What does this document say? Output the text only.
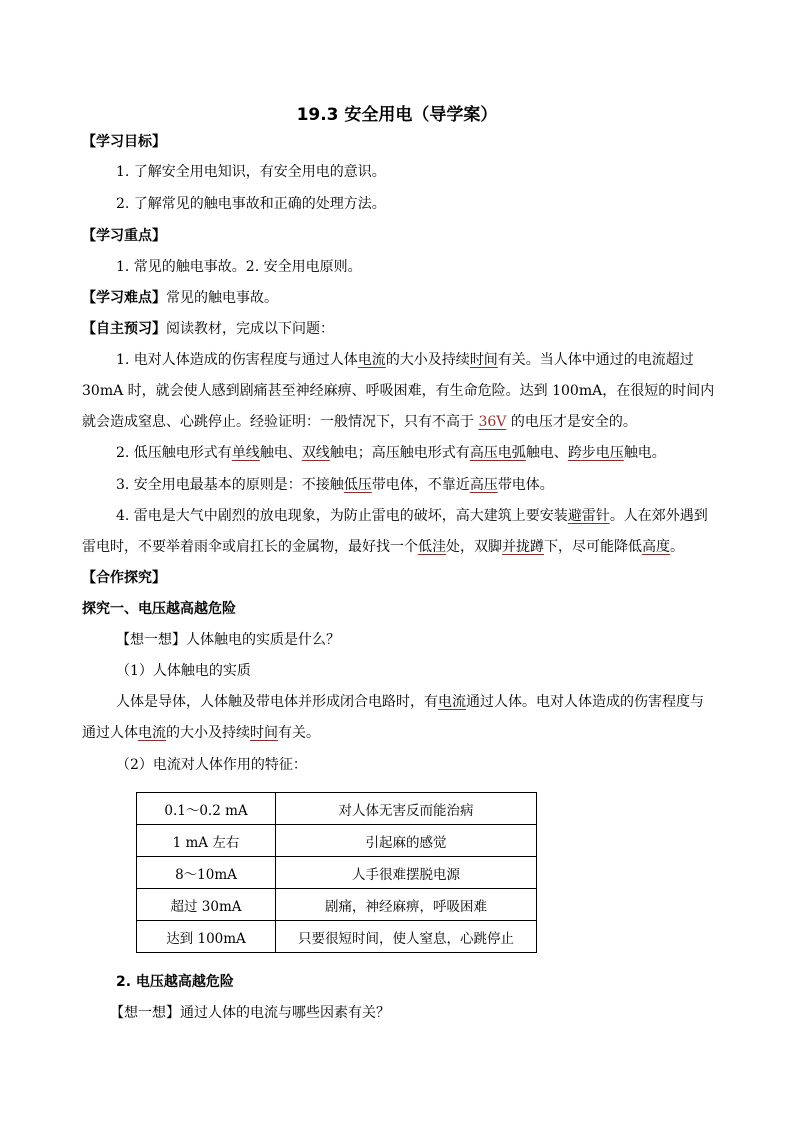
19.3 安全用电（导学案）
【学习目标】
1. 了解安全用电知识，有安全用电的意识。
2. 了解常见的触电事故和正确的处理方法。
【学习重点】
1. 常见的触电事故。2. 安全用电原则。
【学习难点】常见的触电事故。
【自主预习】阅读教材，完成以下问题：
1. 电对人体造成的伤害程度与通过人体电流的大小及持续时间有关。当人体中通过的电流超过
30mA 时，就会使人感到剧痛甚至神经麻痹、呼吸困难，有生命危险。达到 100mA，在很短的时间内
就会造成窒息、心跳停止。经验证明：一般情况下，只有不高于 36V 的电压才是安全的。
2. 低压触电形式有单线触电、双线触电；高压触电形式有高压电弧触电、跨步电压触电。
3. 安全用电最基本的原则是：不接触低压带电体，不靠近高压带电体。
4. 雷电是大气中剧烈的放电现象，为防止雷电的破坏，高大建筑上要安装避雷针。人在郊外遇到
雷电时，不要举着雨伞或肩扛长的金属物，最好找一个低洼处，双脚并拢蹲下，尽可能降低高度。
【合作探究】
探究一、电压越高越危险
【想一想】人体触电的实质是什么？
（1）人体触电的实质
人体是导体，人体触及带电体并形成闭合电路时，有电流通过人体。电对人体造成的伤害程度与
通过人体电流的大小及持续时间有关。
（2）电流对人体作用的特征：
0.1～0.2 mA	对人体无害反而能治病
1 mA 左右	引起麻的感觉
8～10mA	人手很难摆脱电源
超过 30mA	剧痛，神经麻痹，呼吸困难
达到 100mA	只要很短时间，使人窒息，心跳停止
2. 电压越高越危险
【想一想】通过人体的电流与哪些因素有关？
